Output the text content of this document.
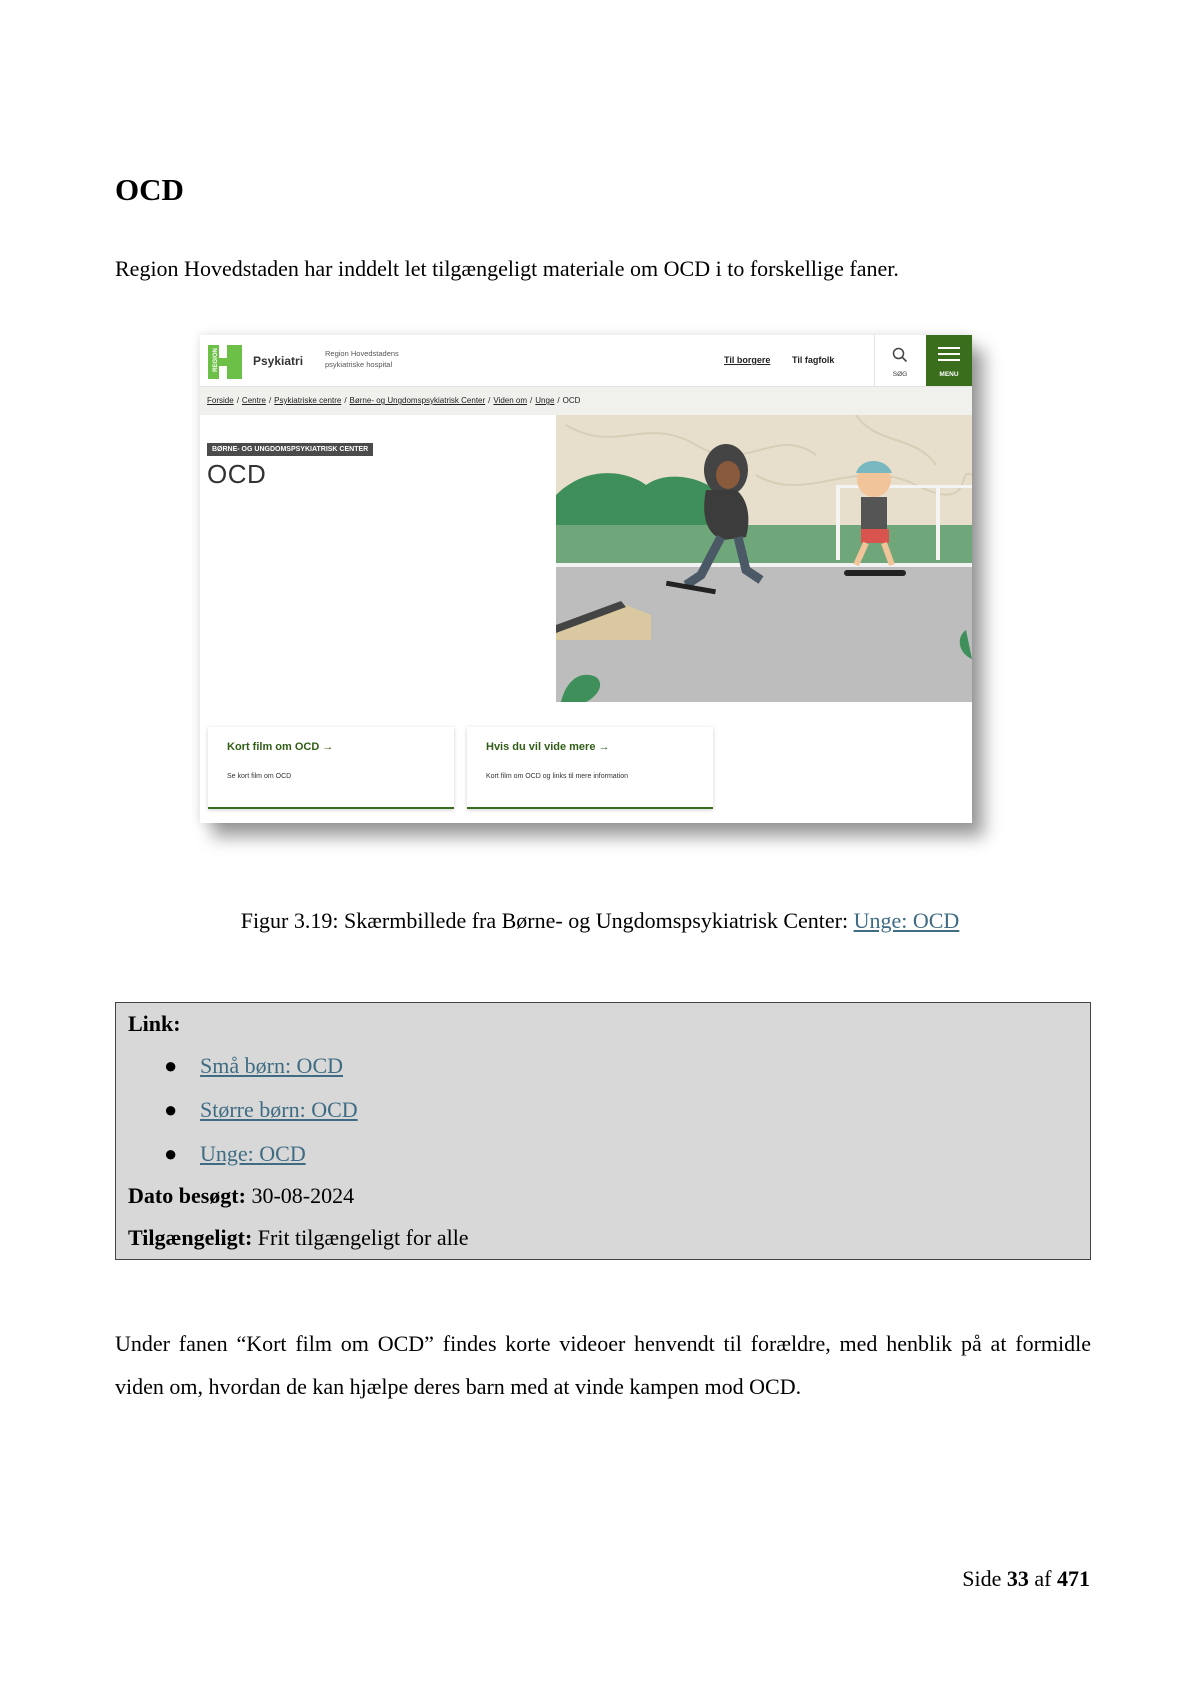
OCD

Region Hovedstaden har inddelt let tilgængeligt materiale om OCD i to forskellige faner.

REGION	Psykiatri
Region Hovedstadens
psykiatriske hospital	Til borgere Til fagfolk
SØG	MENU
Forside / Centre / Psykiatriske centre / Børne- og Ungdomspsykiatrisk Center / Viden om / Unge / OCD
BØRNE- OG UNGDOMSPSYKIATRISK CENTER
OCD
Kort film om OCD →
Se kort film om OCD
Hvis du vil vide mere →
Kort film om OCD og links til mere information

Figur 3.19: Skærmbillede fra Børne- og Ungdomspsykiatrisk Center: Unge: OCD

Link:
● Små børn: OCD
● Større børn: OCD
● Unge: OCD
Dato besøgt: 30-08-2024
Tilgængeligt: Frit tilgængeligt for alle

Under fanen “Kort film om OCD” findes korte videoer henvendt til forældre, med henblik på at formidle viden om, hvordan de kan hjælpe deres barn med at vinde kampen mod OCD.

Side 33 af 471
